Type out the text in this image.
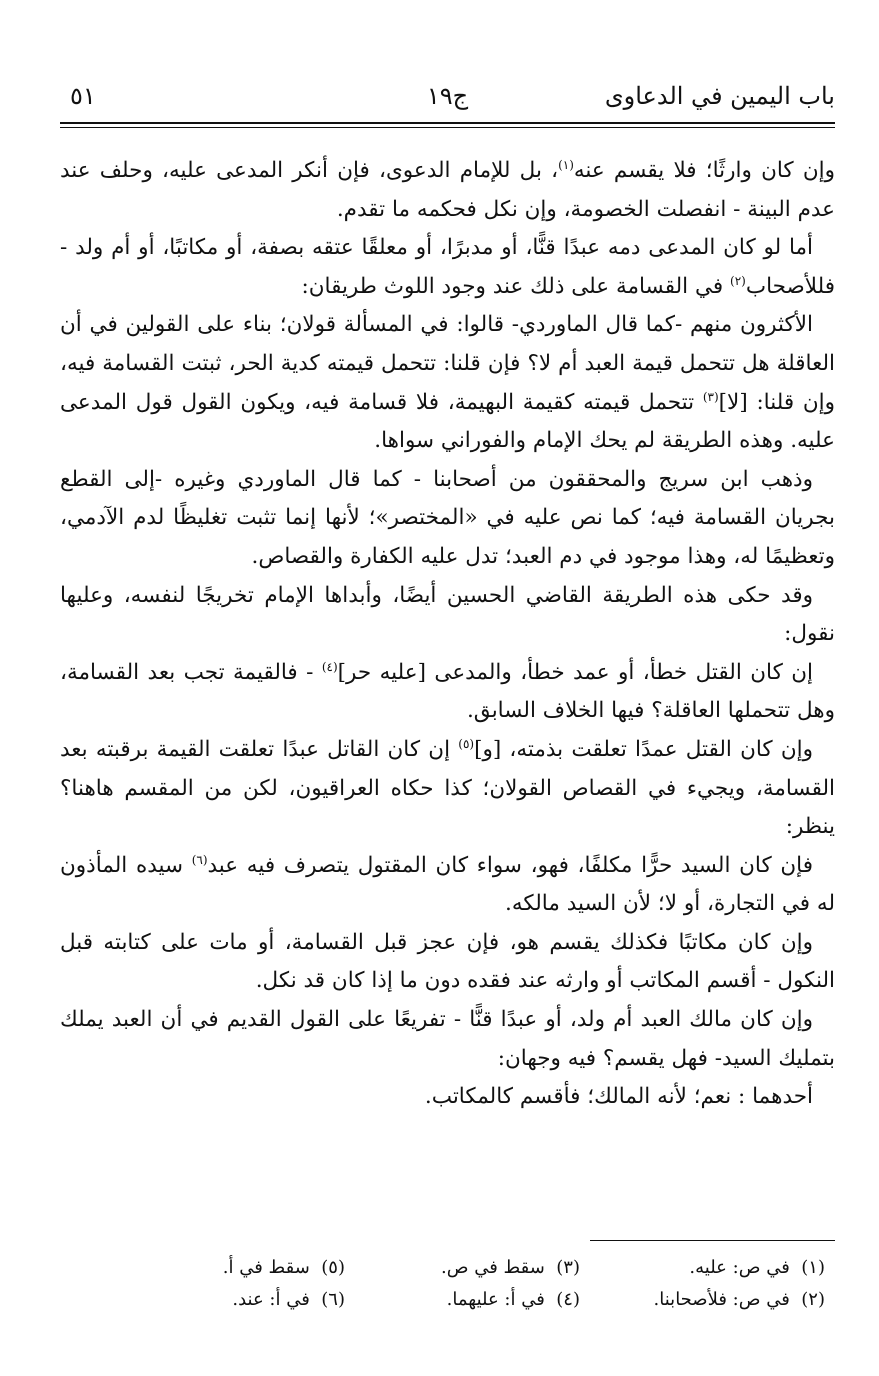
باب اليمين في الدعاوى
ج١٩
٥١

وإن كان وارثًا؛ فلا يقسم عنه$^{(١)}$، بل للإمام الدعوى، فإن أنكر المدعى عليه، وحلف عند عدم البينة - انفصلت الخصومة، وإن نكل فحكمه ما تقدم.

أما لو كان المدعى دمه عبدًا قنًّا، أو مدبرًا، أو معلقًا عتقه بصفة، أو مكاتبًا، أو أم ولد - فللأصحاب$^{(٢)}$ في القسامة على ذلك عند وجود اللوث طريقان:

الأكثرون منهم -كما قال الماوردي- قالوا: في المسألة قولان؛ بناء على القولين في أن العاقلة هل تتحمل قيمة العبد أم لا؟ فإن قلنا: تتحمل قيمته كدية الحر، ثبتت القسامة فيه، وإن قلنا: [لا]$^{(٣)}$ تتحمل قيمته كقيمة البهيمة، فلا قسامة فيه، ويكون القول قول المدعى عليه. وهذه الطريقة لم يحك الإمام والفوراني سواها.

وذهب ابن سريج والمحققون من أصحابنا - كما قال الماوردي وغيره -إلى القطع بجريان القسامة فيه؛ كما نص عليه في «المختصر»؛ لأنها إنما تثبت تغليظًا لدم الآدمي، وتعظيمًا له، وهذا موجود في دم العبد؛ تدل عليه الكفارة والقصاص.

وقد حكى هذه الطريقة القاضي الحسين أيضًا، وأبداها الإمام تخريجًا لنفسه، وعليها نقول:

إن كان القتل خطأ، أو عمد خطأ، والمدعى [عليه حر]$^{(٤)}$ - فالقيمة تجب بعد القسامة، وهل تتحملها العاقلة؟ فيها الخلاف السابق.

وإن كان القتل عمدًا تعلقت بذمته، [و]$^{(٥)}$ إن كان القاتل عبدًا تعلقت القيمة برقبته بعد القسامة، ويجيء في القصاص القولان؛ كذا حكاه العراقيون، لكن من المقسم هاهنا؟ ينظر:

فإن كان السيد حرًّا مكلفًا، فهو، سواء كان المقتول يتصرف فيه عبد$^{(٦)}$ سيده المأذون له في التجارة، أو لا؛ لأن السيد مالكه.

وإن كان مكاتبًا فكذلك يقسم هو، فإن عجز قبل القسامة، أو مات على كتابته قبل النكول - أقسم المكاتب أو وارثه عند فقده دون ما إذا كان قد نكل.

وإن كان مالك العبد أم ولد، أو عبدًا قنًّا - تفريعًا على القول القديم في أن العبد يملك بتمليك السيد- فهل يقسم؟ فيه وجهان:

أحدهما : نعم؛ لأنه المالك؛ فأقسم كالمكاتب.

(١)  في ص: عليه.
(٢)  في ص: فلأصحابنا.
(٣)  سقط في ص.
(٤)  في أ: عليهما.
(٥)  سقط في أ.
(٦)  في أ: عند.
